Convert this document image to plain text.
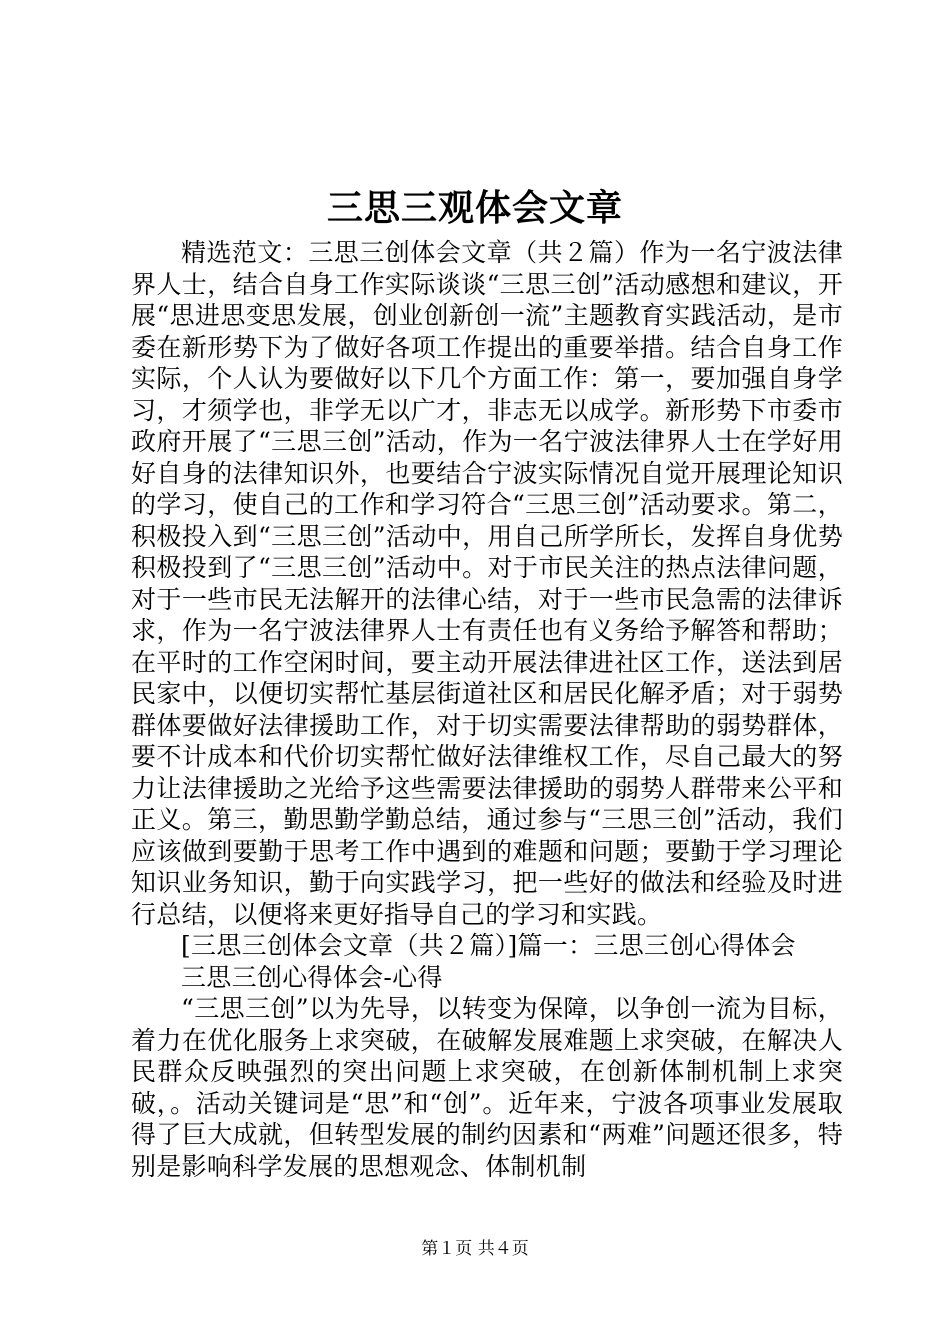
三思三观体会文章

精选范文：三思三创体会文章（共２篇）作为一名宁波法律界人士，结合自身工作实际谈谈“三思三创”活动感想和建议，开展“思进思变思发展，创业创新创一流”主题教育实践活动，是市委在新形势下为了做好各项工作提出的重要举措。结合自身工作实际，个人认为要做好以下几个方面工作：第一，要加强自身学习，才须学也，非学无以广才，非志无以成学。新形势下市委市政府开展了“三思三创”活动，作为一名宁波法律界人士在学好用好自身的法律知识外，也要结合宁波实际情况自觉开展理论知识的学习，使自己的工作和学习符合“三思三创”活动要求。第二，积极投入到“三思三创”活动中，用自己所学所长，发挥自身优势积极投到了“三思三创”活动中。对于市民关注的热点法律问题，对于一些市民无法解开的法律心结，对于一些市民急需的法律诉求，作为一名宁波法律界人士有责任也有义务给予解答和帮助；在平时的工作空闲时间，要主动开展法律进社区工作，送法到居民家中，以便切实帮忙基层街道社区和居民化解矛盾；对于弱势群体要做好法律援助工作，对于切实需要法律帮助的弱势群体，要不计成本和代价切实帮忙做好法律维权工作，尽自己最大的努力让法律援助之光给予这些需要法律援助的弱势人群带来公平和正义。第三，勤思勤学勤总结，通过参与“三思三创”活动，我们应该做到要勤于思考工作中遇到的难题和问题；要勤于学习理论知识业务知识，勤于向实践学习，把一些好的做法和经验及时进行总结，以便将来更好指导自己的学习和实践。

[三思三创体会文章（共２篇）]篇一：三思三创心得体会

三思三创心得体会-心得

“三思三创”以为先导，以转变为保障，以争创一流为目标，着力在优化服务上求突破，在破解发展难题上求突破，在解决人民群众反映强烈的突出问题上求突破，在创新体制机制上求突破，。活动关键词是“思”和“创”。近年来，宁波各项事业发展取得了巨大成就，但转型发展的制约因素和“两难”问题还很多，特别是影响科学发展的思想观念、体制机制

第１页 共４页
